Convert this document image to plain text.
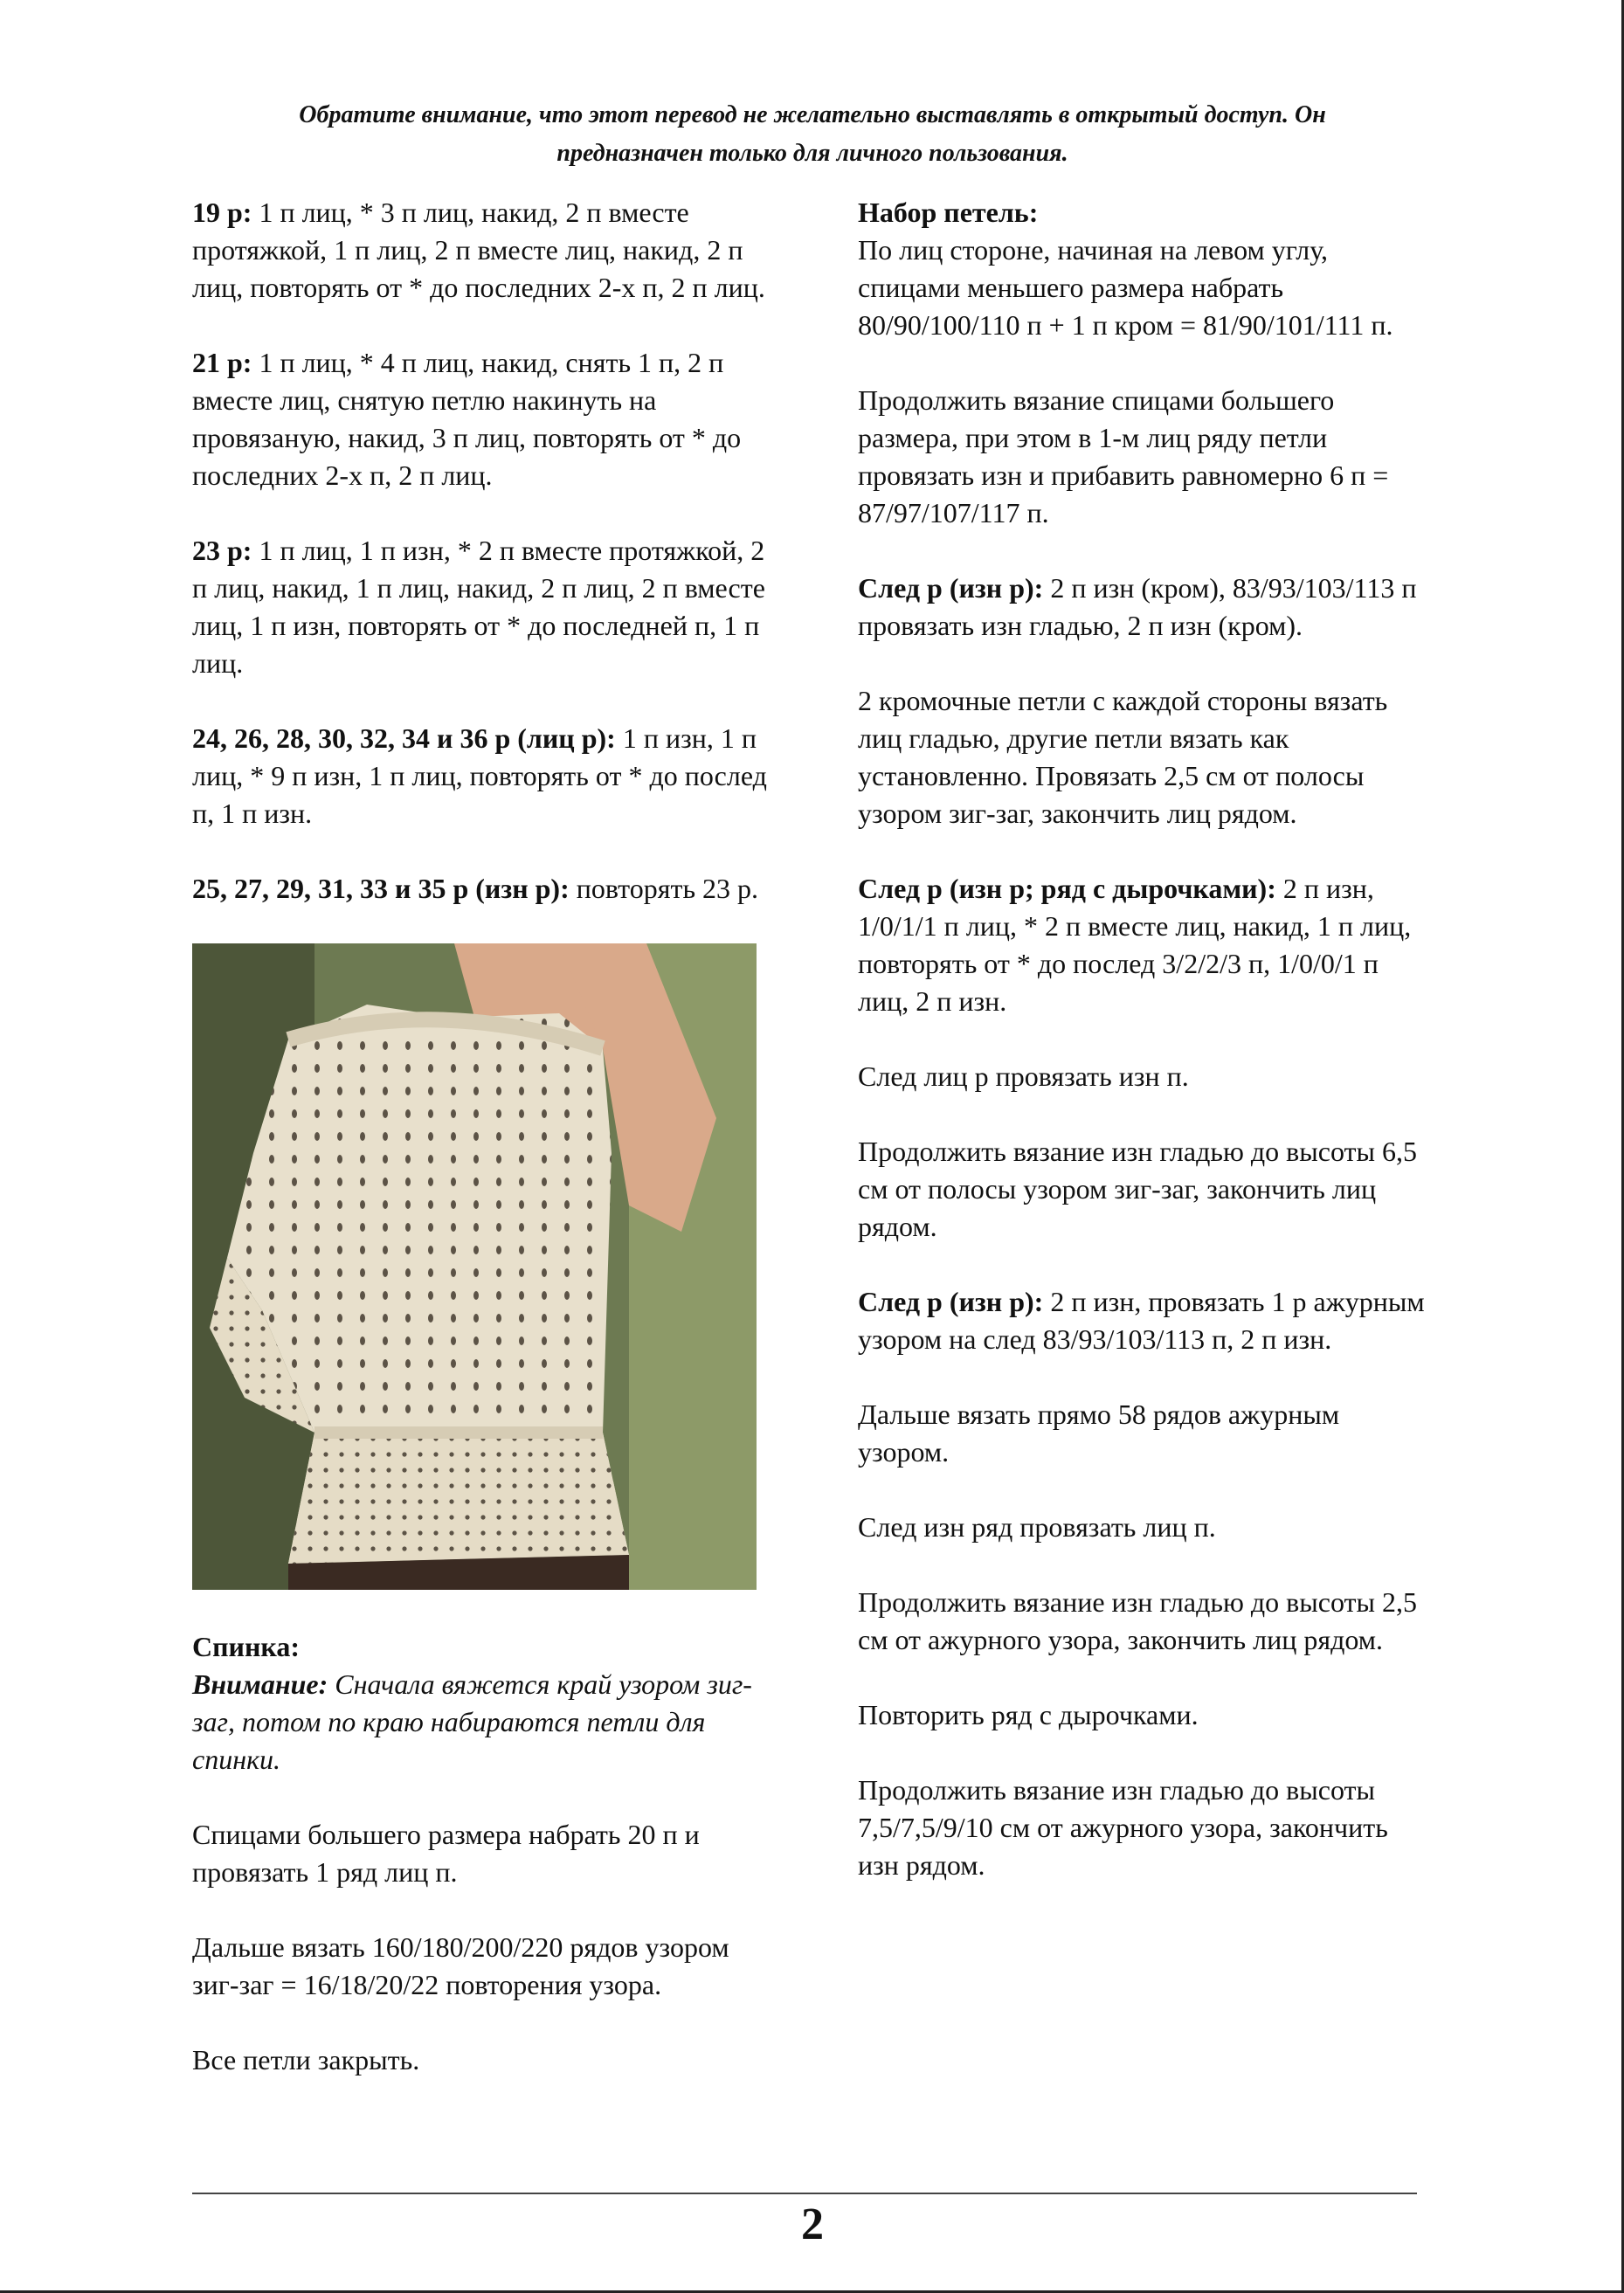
Обратите внимание, что этот перевод не желательно выставлять в открытый доступ. Он
предназначен только для личного пользования.

19 р: 1 п лиц, * 3 п лиц, накид, 2 п вместе протяжкой, 1 п лиц, 2 п вместе лиц, накид, 2 п лиц, повторять от * до последних 2-х п, 2 п лиц.

21 р: 1 п лиц, * 4 п лиц, накид, снять 1 п, 2 п вместе лиц, снятую петлю накинуть на провязаную, накид, 3 п лиц, повторять от * до последних 2-х п, 2 п лиц.

23 р: 1 п лиц, 1 п изн, * 2 п вместе протяжкой, 2 п лиц, накид, 1 п лиц, накид, 2 п лиц, 2 п вместе лиц, 1 п изн, повторять от * до последней п, 1 п лиц.

24, 26, 28, 30, 32, 34 и 36 р (лиц р): 1 п изн, 1 п лиц, * 9 п изн, 1 п лиц, повторять от * до послед п, 1 п изн.

25, 27, 29, 31, 33 и 35 р (изн р): повторять 23 р.

Спинка:
Внимание: Сначала вяжется край узором зиг-заг, потом по краю набираются петли для спинки.

Спицами большего размера набрать 20 п и провязать 1 ряд лиц п.

Дальше вязать 160/180/200/220 рядов узором зиг-заг = 16/18/20/22 повторения узора.

Все петли закрыть.

Набор петель:
По лиц стороне, начиная на левом углу, спицами меньшего размера набрать 80/90/100/110 п + 1 п кром = 81/90/101/111 п.

Продолжить вязание спицами большего размера, при этом в 1-м лиц ряду петли провязать изн и прибавить равномерно 6 п = 87/97/107/117 п.

След р (изн р): 2 п изн (кром), 83/93/103/113 п провязать изн гладью, 2 п изн (кром).

2 кромочные петли с каждой стороны вязать лиц гладью, другие петли вязать как установленно. Провязать 2,5 см от полосы узором зиг-заг, закончить лиц рядом.

След р (изн р; ряд с дырочками): 2 п изн, 1/0/1/1 п лиц, * 2 п вместе лиц, накид, 1 п лиц, повторять от * до послед 3/2/2/3 п, 1/0/0/1 п лиц, 2 п изн.

След лиц р провязать изн п.

Продолжить вязание изн гладью до высоты 6,5 см от полосы узором зиг-заг, закончить лиц рядом.

След р (изн р): 2 п изн, провязать 1 р ажурным узором на след 83/93/103/113 п, 2 п изн.

Дальше вязать прямо 58 рядов ажурным узором.

След изн ряд провязать лиц п.

Продолжить вязание изн гладью до высоты 2,5 см от ажурного узора, закончить лиц рядом.

Повторить ряд с дырочками.

Продолжить вязание изн гладью до высоты 7,5/7,5/9/10 см от ажурного узора, закончить изн рядом.

2
